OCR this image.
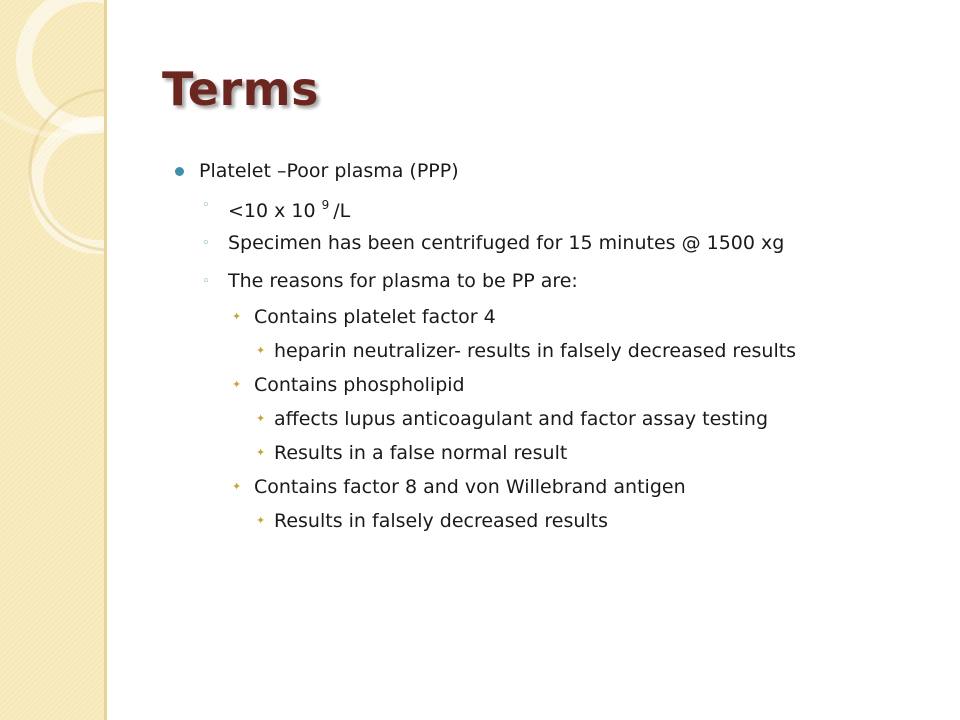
Terms
Platelet –Poor plasma (PPP)
◦ <10 x 10 $^9$ /L
◦ Specimen has been centrifuged for 15 minutes @ 1500 xg
◦ The reasons for plasma to be PP are:
✦ Contains platelet factor 4
✦ heparin neutralizer- results in falsely decreased results
✦ Contains phospholipid
✦ affects lupus anticoagulant and factor assay testing
✦ Results in a false normal result
✦ Contains factor 8 and von Willebrand antigen
✦ Results in falsely decreased results
